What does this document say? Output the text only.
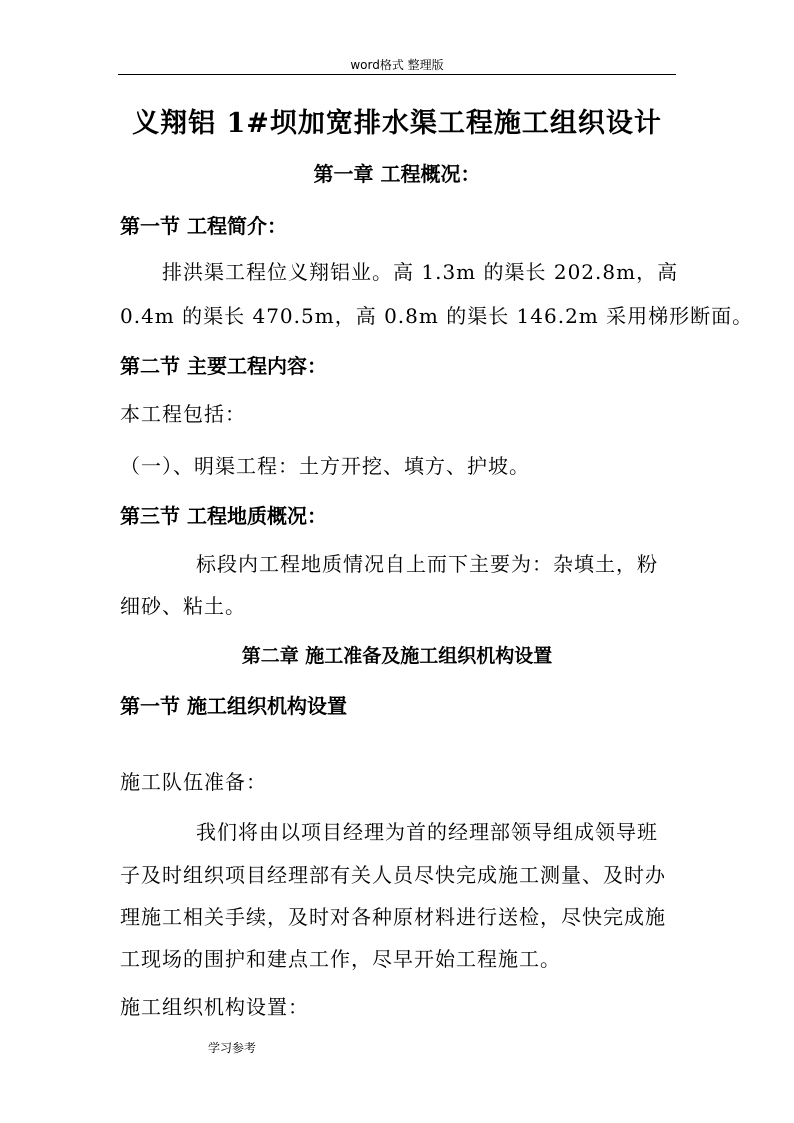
word格式 整理版
义翔铝 1#坝加宽排水渠工程施工组织设计
第一章 工程概况：
第一节 工程简介：
排洪渠工程位义翔铝业。高 1.3m 的渠长 202.8m，高
0.4m 的渠长 470.5m，高 0.8m 的渠长 146.2m 采用梯形断面。
第二节 主要工程内容：
本工程包括：
（一）、明渠工程：土方开挖、填方、护坡。
第三节 工程地质概况：
标段内工程地质情况自上而下主要为：杂填土，粉
细砂、粘土。
第二章 施工准备及施工组织机构设置
第一节 施工组织机构设置
施工队伍准备：
我们将由以项目经理为首的经理部领导组成领导班
子及时组织项目经理部有关人员尽快完成施工测量、及时办
理施工相关手续，及时对各种原材料进行送检，尽快完成施
工现场的围护和建点工作，尽早开始工程施工。
施工组织机构设置：
学习参考
